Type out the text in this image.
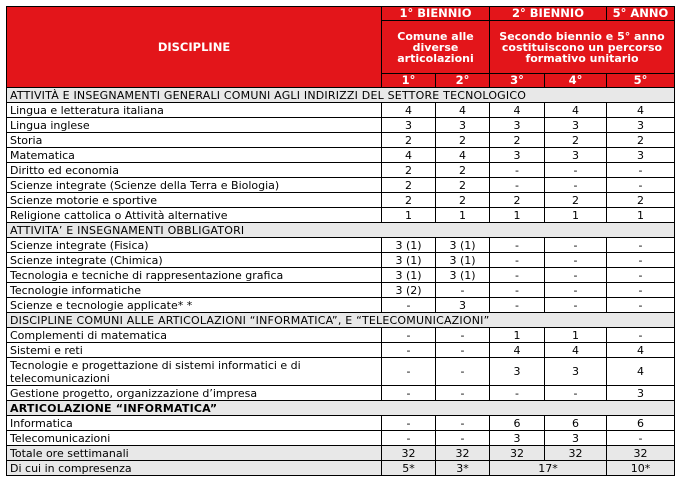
DISCIPLINE	1° BIENNIO		2° BIENNIO		5° ANNO
	Comune alle diverse articolazioni		Secondo biennio e 5° anno costituiscono un percorso formativo unitario		
	1°	2°	3°	4°	5°
ATTIVITÀ E INSEGNAMENTI GENERALI COMUNI AGLI INDIRIZZI DEL SETTORE TECNOLOGICO					
Lingua e letteratura italiana	4	4	4	4	4
Lingua inglese	3	3	3	3	3
Storia	2	2	2	2	2
Matematica	4	4	3	3	3
Diritto ed economia	2	2	-	-	-
Scienze integrate (Scienze della Terra e Biologia)	2	2	-	-	-
Scienze motorie e sportive	2	2	2	2	2
Religione cattolica o Attività alternative	1	1	1	1	1
ATTIVITA’ E INSEGNAMENTI OBBLIGATORI					
Scienze integrate (Fisica)	3 (1)	3 (1)	-	-	-
Scienze integrate (Chimica)	3 (1)	3 (1)	-	-	-
Tecnologia e tecniche di rappresentazione grafica	3 (1)	3 (1)	-	-	-
Tecnologie informatiche	3 (2)	-	-	-	-
Scienze e tecnologie applicate* *	-	3	-	-	-
DISCIPLINE COMUNI ALLE ARTICOLAZIONI “INFORMATICA”, E “TELECOMUNICAZIONI”					
Complementi di matematica	-	-	1	1	-
Sistemi e reti	-	-	4	4	4
Tecnologie e progettazione di sistemi informatici e di telecomunicazioni	-	-	3	3	4
Gestione progetto, organizzazione d’impresa	-	-	-	-	3
ARTICOLAZIONE “INFORMATICA”					
Informatica	-	-	6	6	6
Telecomunicazioni	-	-	3	3	-
Totale ore settimanali	32	32	32	32	32
Di cui in compresenza	5*	3*	17*		10*
